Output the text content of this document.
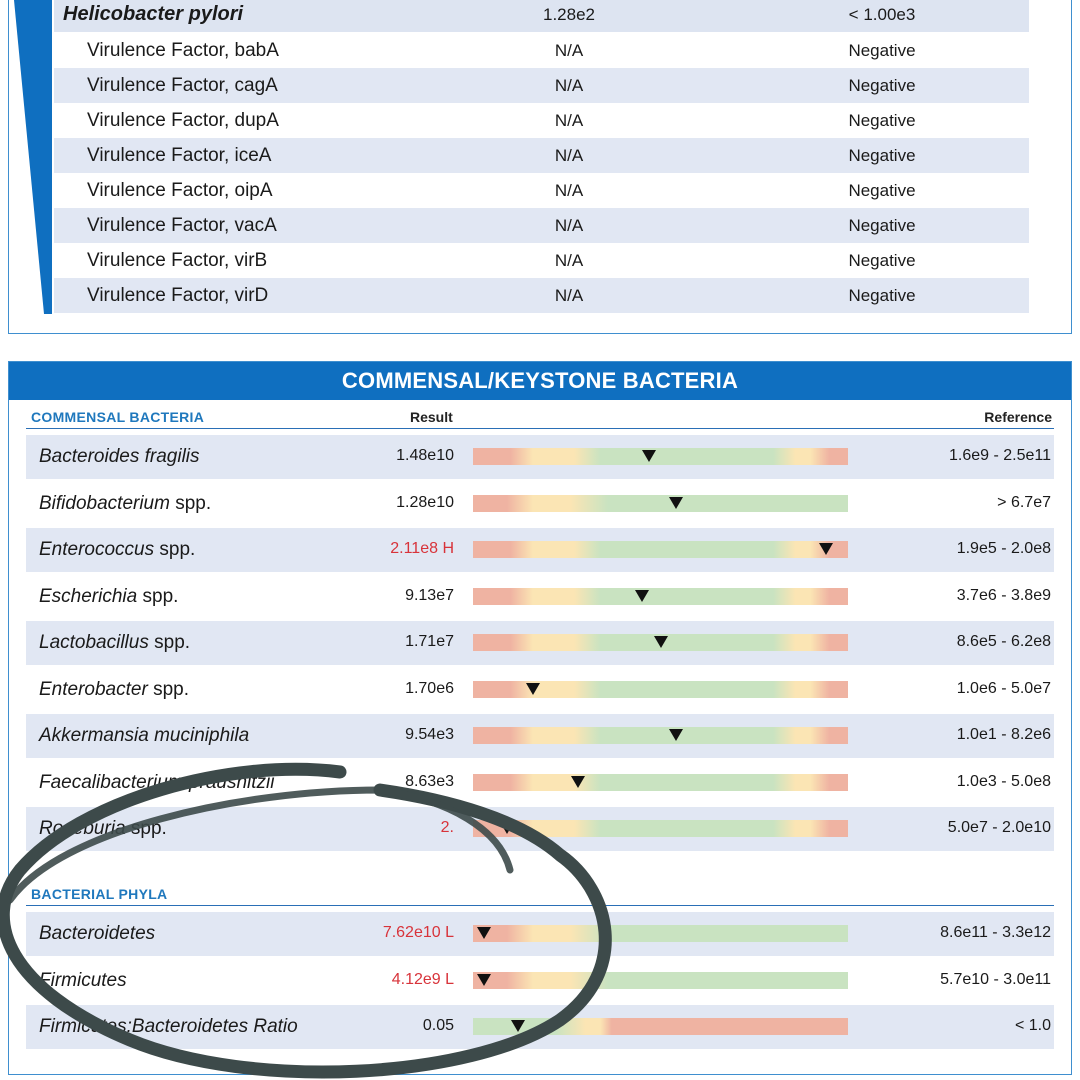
Helicobacter pylori	1.28e2	< 1.00e3
Virulence Factor, babA	N/A	Negative
Virulence Factor, cagA	N/A	Negative
Virulence Factor, dupA	N/A	Negative
Virulence Factor, iceA	N/A	Negative
Virulence Factor, oipA	N/A	Negative
Virulence Factor, vacA	N/A	Negative
Virulence Factor, virB	N/A	Negative
Virulence Factor, virD	N/A	Negative
COMMENSAL/KEYSTONE BACTERIA
COMMENSAL BACTERIA	Result	Reference
Bacteroides fragilis	1.48e10	1.6e9 - 2.5e11
Bifidobacterium spp.	1.28e10	> 6.7e7
Enterococcus spp.	2.11e8 H	1.9e5 - 2.0e8
Escherichia spp.	9.13e7	3.7e6 - 3.8e9
Lactobacillus spp.	1.71e7	8.6e5 - 6.2e8
Enterobacter spp.	1.70e6	1.0e6 - 5.0e7
Akkermansia muciniphila	9.54e3	1.0e1 - 8.2e6
Faecalibacterium prausnitzii	8.63e3	1.0e3 - 5.0e8
Roseburia spp.	2.	5.0e7 - 2.0e10
BACTERIAL PHYLA
Bacteroidetes	7.62e10 L	8.6e11 - 3.3e12
Firmicutes	4.12e9 L	5.7e10 - 3.0e11
Firmicutes:Bacteroidetes Ratio	0.05	< 1.0
